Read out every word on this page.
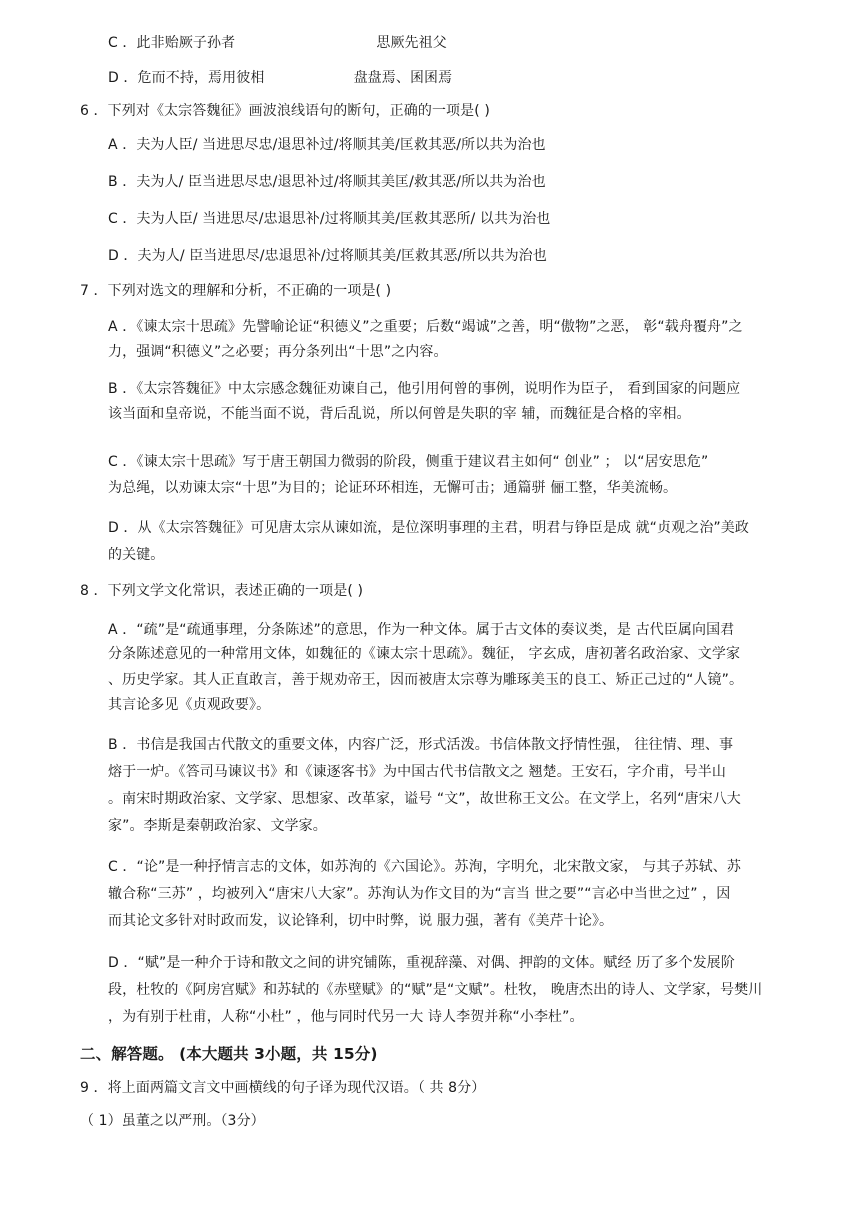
C ．此非贻厥子孙者	思厥先祖父
D ．危而不持，焉用彼相	盘盘焉、囷囷焉
6 ．下列对《太宗答魏征》画波浪线语句的断句，正确的一项是( )
A ．夫为人臣/ 当进思尽忠/退思补过/将顺其美/匡救其恶/所以共为治也
B ．夫为人/ 臣当进思尽忠/退思补过/将顺其美匡/救其恶/所以共为治也
C ．夫为人臣/ 当进思尽/忠退思补/过将顺其美/匡救其恶所/ 以共为治也
D ．夫为人/ 臣当进思尽/忠退思补/过将顺其美/匡救其恶/所以共为治也
7 ．下列对选文的理解和分析，不正确的一项是( )
A ．《谏太宗十思疏》先譬喻论证“积德义”之重要；后数“竭诚”之善，明“傲物”之恶， 彰“载舟覆舟”之
力，强调“积德义”之必要；再分条列出“十思”之内容。
B ．《太宗答魏征》中太宗感念魏征劝谏自己，他引用何曾的事例，说明作为臣子， 看到国家的问题应
该当面和皇帝说，不能当面不说，背后乱说，所以何曾是失职的宰 辅，而魏征是合格的宰相。
C ．《谏太宗十思疏》写于唐王朝国力微弱的阶段，侧重于建议君主如何“ 创业” ； 以“居安思危”
为总绳，以劝谏太宗“十思”为目的；论证环环相连，无懈可击；通篇骈 俪工整，华美流畅。
D ．从《太宗答魏征》可见唐太宗从谏如流，是位深明事理的主君，明君与铮臣是成 就“贞观之治”美政
的关键。
8 ．下列文学文化常识，表述正确的一项是( )
A ．“疏”是“疏通事理，分条陈述”的意思，作为一种文体。属于古文体的奏议类，是 古代臣属向国君
分条陈述意见的一种常用文体，如魏征的《谏太宗十思疏》。魏征， 字玄成，唐初著名政治家、文学家
、历史学家。其人正直敢言，善于规劝帝王，因而被唐太宗尊为雕琢美玉的良工、矫正己过的“人镜”。
其言论多见《贞观政要》。
B ．书信是我国古代散文的重要文体，内容广泛，形式活泼。书信体散文抒情性强， 往往情、理、事
熔于一炉。《答司马谏议书》和《谏逐客书》为中国古代书信散文之 翘楚。王安石，字介甫，号半山
。南宋时期政治家、文学家、思想家、改革家，谥号 “文”，故世称王文公。在文学上，名列“唐宋八大
家”。李斯是秦朝政治家、文学家。
C ．“论”是一种抒情言志的文体，如苏洵的《六国论》。苏洵，字明允，北宋散文家， 与其子苏轼、苏
辙合称“三苏” ，均被列入“唐宋八大家”。苏洵认为作文目的为“言当 世之要”“言必中当世之过” ，因
而其论文多针对时政而发，议论锋利，切中时弊，说 服力强，著有《美芹十论》。
D ．“赋”是一种介于诗和散文之间的讲究铺陈，重视辞藻、对偶、押韵的文体。赋经 历了多个发展阶
段，杜牧的《阿房宫赋》和苏轼的《赤壁赋》的“赋”是“文赋”。杜牧， 晚唐杰出的诗人、文学家，号樊川
，为有别于杜甫，人称“小杜” ，他与同时代另一大 诗人李贺并称“小李杜”。
二、解答题。 (本大题共 3小题，共 15分)
9 ．将上面两篇文言文中画横线的句子译为现代汉语。（ 共 8分）
（ 1）虽董之以严刑。（3分）
